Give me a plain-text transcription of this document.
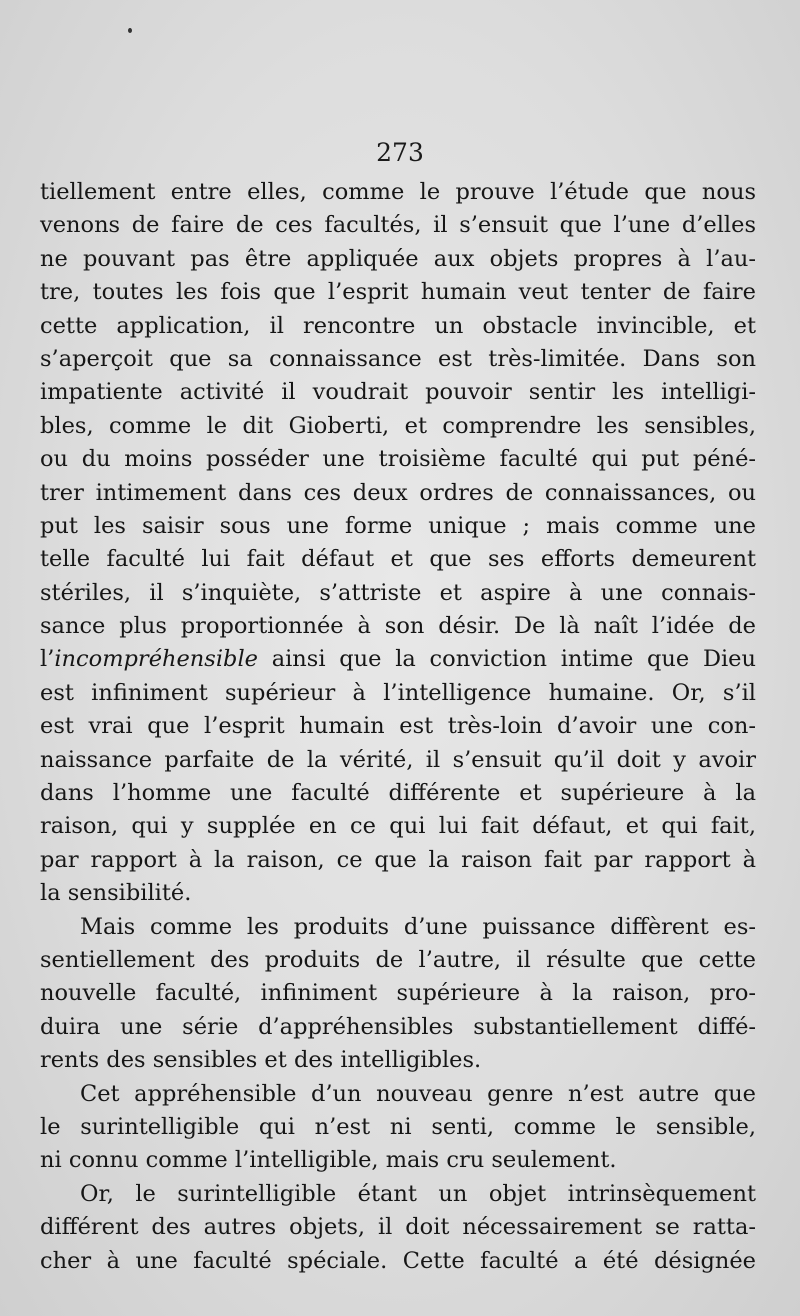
273
tiellement entre elles, comme le prouve l’étude que nous
venons de faire de ces facultés, il s’ensuit que l’une d’elles
ne pouvant pas être appliquée aux objets propres à l’au-
tre, toutes les fois que l’esprit humain veut tenter de faire
cette application, il rencontre un obstacle invincible, et
s’aperçoit que sa connaissance est très-limitée. Dans son
impatiente activité il voudrait pouvoir sentir les intelligi-
bles, comme le dit Gioberti, et comprendre les sensibles,
ou du moins posséder une troisième faculté qui put péné-
trer intimement dans ces deux ordres de connaissances, ou
put les saisir sous une forme unique ; mais comme une
telle faculté lui fait défaut et que ses efforts demeurent
stériles, il s’inquiète, s’attriste et aspire à une connais-
sance plus proportionnée à son désir. De là naît l’idée de
l’incompréhensible ainsi que la conviction intime que Dieu
est infiniment supérieur à l’intelligence humaine. Or, s’il
est vrai que l’esprit humain est très-loin d’avoir une con-
naissance parfaite de la vérité, il s’ensuit qu’il doit y avoir
dans l’homme une faculté différente et supérieure à la
raison, qui y supplée en ce qui lui fait défaut, et qui fait,
par rapport à la raison, ce que la raison fait par rapport à
la sensibilité.
Mais comme les produits d’une puissance diffèrent es-
sentiellement des produits de l’autre, il résulte que cette
nouvelle faculté, infiniment supérieure à la raison, pro-
duira une série d’appréhensibles substantiellement diffé-
rents des sensibles et des intelligibles.
Cet appréhensible d’un nouveau genre n’est autre que
le surintelligible qui n’est ni senti, comme le sensible,
ni connu comme l’intelligible, mais cru seulement.
Or, le surintelligible étant un objet intrinsèquement
différent des autres objets, il doit nécessairement se ratta-
cher à une faculté spéciale. Cette faculté a été désignée
